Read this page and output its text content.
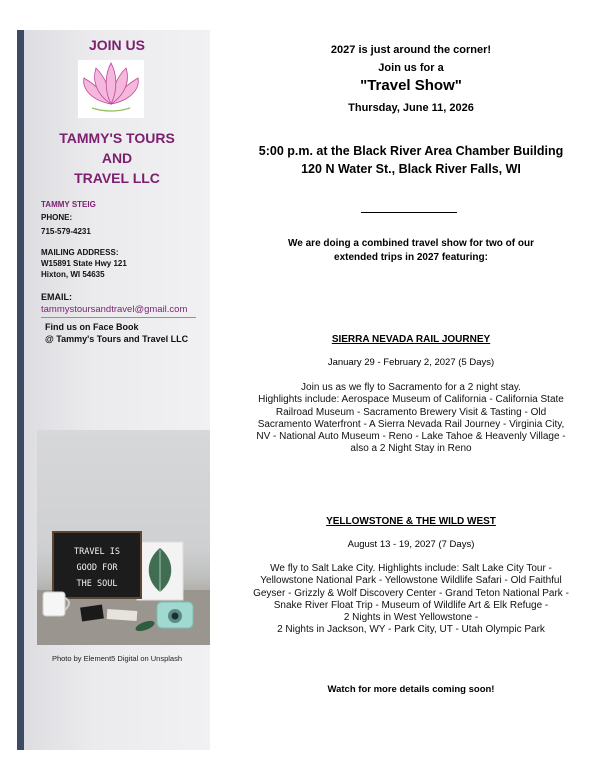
JOIN US
TAMMY'S TOURS
AND
TRAVEL LLC
TAMMY STEIG
PHONE:
715-579-4231
MAILING ADDRESS:
W15891 State Hwy 121
Hixton, WI 54635
EMAIL:
tammystoursandtravel@gmail.com
Find us on Face Book
@ Tammy's Tours and Travel LLC
TRAVEL IS
GOOD FOR
THE SOUL
Photo by Element5 Digital on Unsplash
2027 is just around the corner!
Join us for a
"Travel Show"
Thursday, June 11, 2026
5:00 p.m. at the Black River Area Chamber Building
120 N Water St., Black River Falls, WI
We are doing a combined travel show for two of our
extended trips in 2027 featuring:
SIERRA NEVADA RAIL JOURNEY
January 29 - February 2, 2027 (5 Days)
Join us as we fly to Sacramento for a 2 night stay.
Highlights include: Aerospace Museum of California - California State
Railroad Museum - Sacramento Brewery Visit & Tasting - Old
Sacramento Waterfront - A Sierra Nevada Rail Journey - Virginia City,
NV - National Auto Museum - Reno - Lake Tahoe & Heavenly Village -
also a 2 Night Stay in Reno
YELLOWSTONE & THE WILD WEST
August 13 - 19, 2027 (7 Days)
We fly to Salt Lake City. Highlights include: Salt Lake City Tour -
Yellowstone National Park - Yellowstone Wildlife Safari - Old Faithful
Geyser - Grizzly & Wolf Discovery Center - Grand Teton National Park -
Snake River Float Trip - Museum of Wildlife Art & Elk Refuge -
2 Nights in West Yellowstone -
2 Nights in Jackson, WY - Park City, UT - Utah Olympic Park
Watch for more details coming soon!
